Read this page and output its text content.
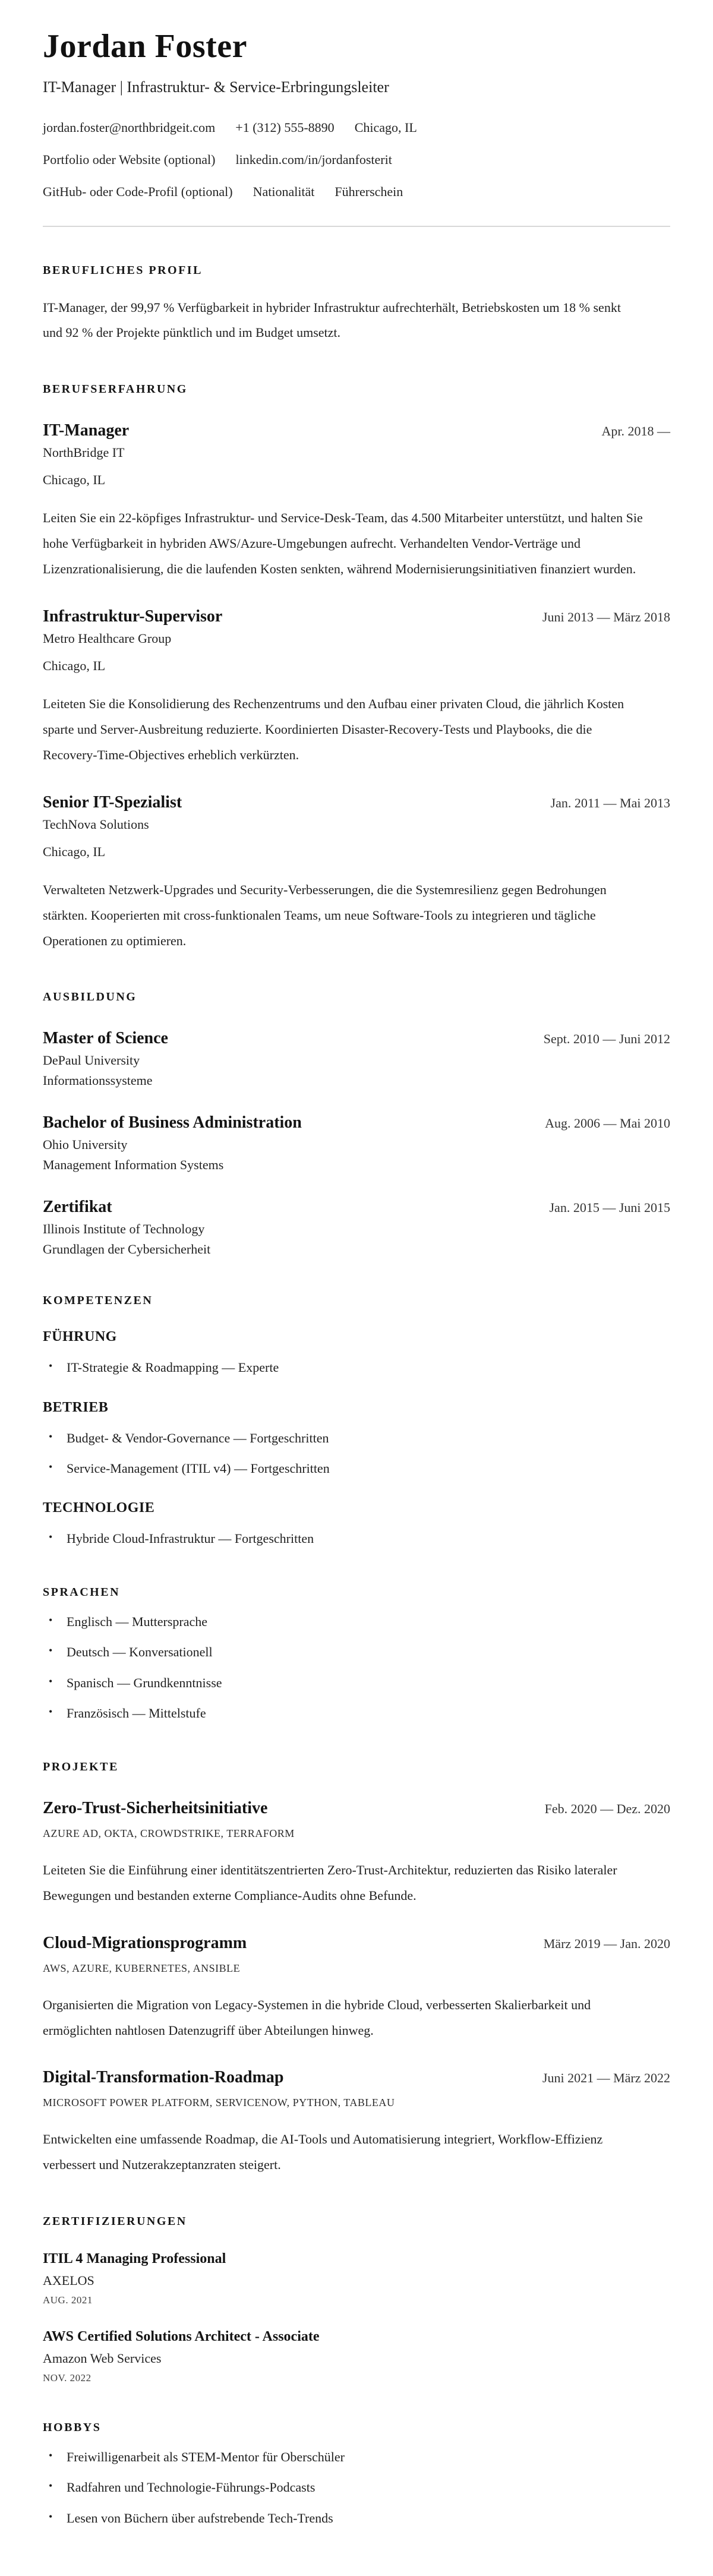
Jordan Foster
IT-Manager | Infrastruktur- & Service-Erbringungsleiter
jordan.foster@northbridgeit.com +1 (312) 555-8890 Chicago, IL
Portfolio oder Website (optional) linkedin.com/in/jordanfosterit
GitHub- oder Code-Profil (optional) Nationalität Führerschein
BERUFLICHES PROFIL

IT-Manager, der 99,97 % Verfügbarkeit in hybrider Infrastruktur aufrechterhält, Betriebskosten um 18 % senkt und 92 % der Projekte pünktlich und im Budget umsetzt.

BERUFSERFAHRUNG
IT-Manager	Apr. 2018 —
NorthBridge IT
Chicago, IL

Leiten Sie ein 22-köpfiges Infrastruktur- und Service-Desk-Team, das 4.500 Mitarbeiter unterstützt, und halten Sie hohe Verfügbarkeit in hybriden AWS/Azure-Umgebungen aufrecht. Verhandelten Vendor-Verträge und Lizenzrationalisierung, die die laufenden Kosten senkten, während Modernisierungsinitiativen finanziert wurden.

Infrastruktur-Supervisor	Juni 2013 — März 2018
Metro Healthcare Group
Chicago, IL

Leiteten Sie die Konsolidierung des Rechenzentrums und den Aufbau einer privaten Cloud, die jährlich Kosten sparte und Server-Ausbreitung reduzierte. Koordinierten Disaster-Recovery-Tests und Playbooks, die die Recovery-Time-Objectives erheblich verkürzten.

Senior IT-Spezialist	Jan. 2011 — Mai 2013
TechNova Solutions
Chicago, IL

Verwalteten Netzwerk-Upgrades und Security-Verbesserungen, die die Systemresilienz gegen Bedrohungen stärkten. Kooperierten mit cross-funktionalen Teams, um neue Software-Tools zu integrieren und tägliche Operationen zu optimieren.

AUSBILDUNG
Master of Science	Sept. 2010 — Juni 2012
DePaul University
Informationssysteme
Bachelor of Business Administration	Aug. 2006 — Mai 2010
Ohio University
Management Information Systems
Zertifikat	Jan. 2015 — Juni 2015
Illinois Institute of Technology
Grundlagen der Cybersicherheit
KOMPETENZEN
FÜHRUNG
• IT-Strategie & Roadmapping — Experte
BETRIEB
• Budget- & Vendor-Governance — Fortgeschritten
• Service-Management (ITIL v4) — Fortgeschritten
TECHNOLOGIE
• Hybride Cloud-Infrastruktur — Fortgeschritten
SPRACHEN
• Englisch — Muttersprache
• Deutsch — Konversationell
• Spanisch — Grundkenntnisse
• Französisch — Mittelstufe
PROJEKTE
Zero-Trust-Sicherheitsinitiative	Feb. 2020 — Dez. 2020
AZURE AD, OKTA, CROWDSTRIKE, TERRAFORM

Leiteten Sie die Einführung einer identitätszentrierten Zero-Trust-Architektur, reduzierten das Risiko lateraler Bewegungen und bestanden externe Compliance-Audits ohne Befunde.

Cloud-Migrationsprogramm	März 2019 — Jan. 2020
AWS, AZURE, KUBERNETES, ANSIBLE

Organisierten die Migration von Legacy-Systemen in die hybride Cloud, verbesserten Skalierbarkeit und ermöglichten nahtlosen Datenzugriff über Abteilungen hinweg.

Digital-Transformation-Roadmap	Juni 2021 — März 2022
MICROSOFT POWER PLATFORM, SERVICENOW, PYTHON, TABLEAU

Entwickelten eine umfassende Roadmap, die AI-Tools und Automatisierung integriert, Workflow-Effizienz verbessert und Nutzerakzeptanzraten steigert.

ZERTIFIZIERUNGEN
ITIL 4 Managing Professional
AXELOS
AUG. 2021
AWS Certified Solutions Architect - Associate
Amazon Web Services
NOV. 2022
HOBBYS
• Freiwilligenarbeit als STEM-Mentor für Oberschüler
• Radfahren und Technologie-Führungs-Podcasts
• Lesen von Büchern über aufstrebende Tech-Trends
